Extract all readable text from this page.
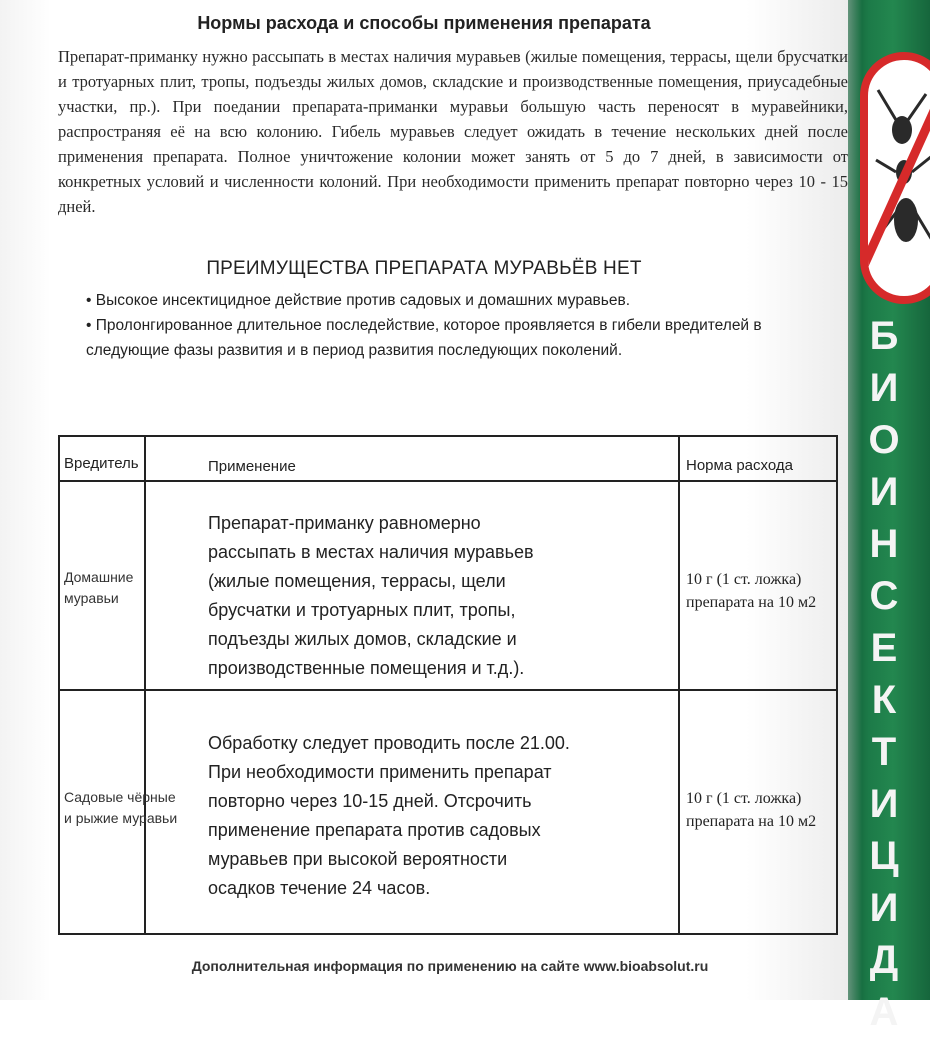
Нормы расхода и способы применения препарата
Препарат-приманку нужно рассыпать в местах наличия муравьев (жилые помещения, террасы, щели брусчатки и тротуарных плит, тропы, подъезды жилых домов, складские и производственные помещения, приусадебные участки, пр.). При поедании препарата-приманки муравьи большую часть переносят в муравейники, распространяя её на всю колонию. Гибель муравьев следует ожидать в течение нескольких дней после применения препарата. Полное уничтожение колонии может занять от 5 до 7 дней, в зависимости от конкретных условий и численности колоний. При необходимости применить препарат повторно через 10 - 15 дней.
ПРЕИМУЩЕСТВА ПРЕПАРАТА МУРАВЬЁВ НЕТ

• Высокое инсектицидное действие против садовых и домашних муравьев.

• Пролонгированное длительное последействие, которое проявляется в гибели вредителей в следующие фазы развития и в период развития последующих поколений.

Вредитель	Применение	Норма расхода
Домашние муравьи
Препарат-приманку равномерно рассыпать в местах наличия муравьев (жилые помещения, террасы, щели брусчатки и тротуарных плит, тропы, подъезды жилых домов, складские и производственные помещения и т.д.).
10 г (1 ст. ложка) препарата на 10 м2
Садовые чёрные и рыжие муравьи
Обработку следует проводить после 21.00. При необходимости применить препарат повторно через 10-15 дней. Отсрочить применение препарата против садовых муравьев при высокой вероятности осадков течение 24 часов.
10 г (1 ст. ложка) препарата на 10 м2
Дополнительная информация по применению на сайте www.bioabsolut.ru
Б
И
О
И
Н
С
Е
К
Т
И
Ц
И
Д
А
